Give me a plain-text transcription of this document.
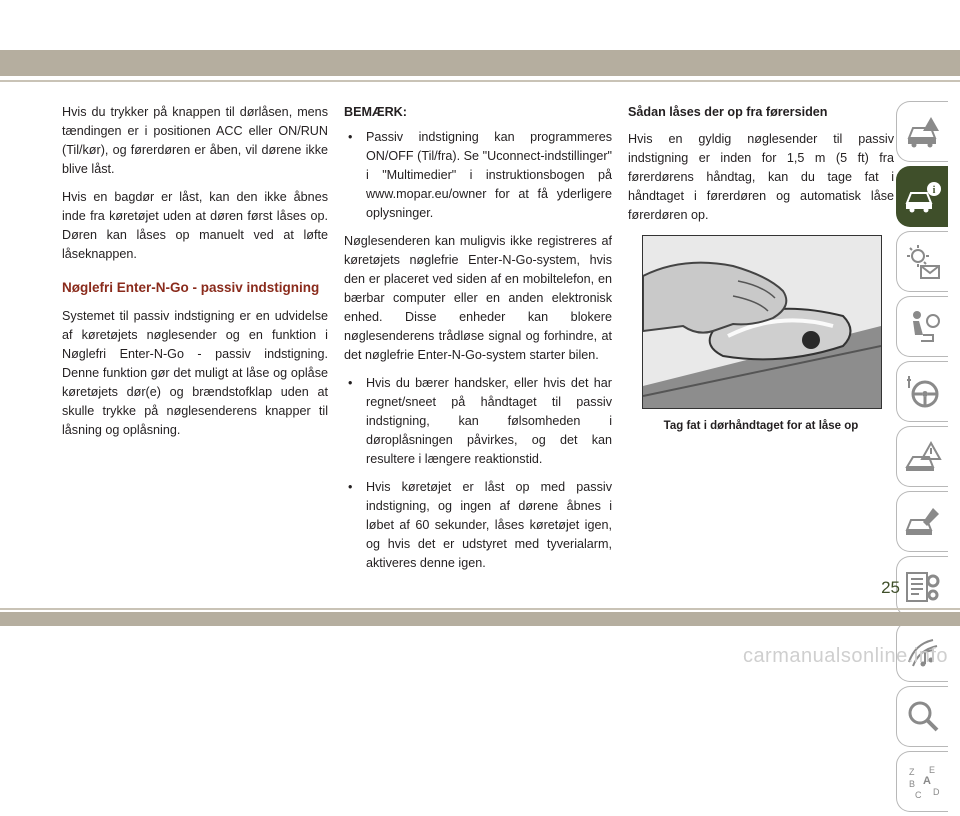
Hvis du trykker på knappen til dørlåsen, mens tændingen er i positionen ACC eller ON/RUN (Til/kør), og førerdøren er åben, vil dørene ikke blive låst.

Hvis en bagdør er låst, kan den ikke åbnes inde fra køretøjet uden at døren først låses op. Døren kan låses op manuelt ved at løfte låseknappen.

Nøglefri Enter-N-Go - passiv indstigning

Systemet til passiv indstigning er en udvidelse af køretøjets nøglesender og en funktion i Nøglefri Enter-N-Go - passiv indstigning. Denne funktion gør det muligt at låse og oplåse køretøjets dør(e) og brændstofklap uden at skulle trykke på nøglesenderens knapper til låsning og oplåsning.

BEMÆRK:
• Passiv indstigning kan programmeres ON/OFF (Til/fra). Se "Uconnect-indstillinger" i "Multimedier" i instruktionsbogen på www.mopar.eu/owner for at få yderligere oplysninger.

Nøglesenderen kan muligvis ikke registreres af køretøjets nøglefrie Enter-N-Go-system, hvis den er placeret ved siden af en mobiltelefon, en bærbar computer eller en anden elektronisk enhed. Disse enheder kan blokere nøglesenderens trådløse signal og forhindre, at det nøglefrie Enter-N-Go-system starter bilen.

• Hvis du bærer handsker, eller hvis det har regnet/sneet på håndtaget til passiv indstigning, kan følsomheden i døroplåsningen påvirkes, og det kan resultere i længere reaktionstid.
• Hvis køretøjet er låst op med passiv indstigning, og ingen af dørene åbnes i løbet af 60 sekunder, låses køretøjet igen, og hvis det er udstyret med tyverialarm, aktiveres denne igen.
Sådan låses der op fra førersiden

Hvis en gyldig nøglesender til passiv indstigning er inden for 1,5 m (5 ft) fra førerdørens håndtag, kan du tage fat i håndtaget i førerdøren og automatisk låse førerdøren op.

Tag fat i dørhåndtaget for at låse op
i
Z E
B A
C D
25
carmanualsonline.info
